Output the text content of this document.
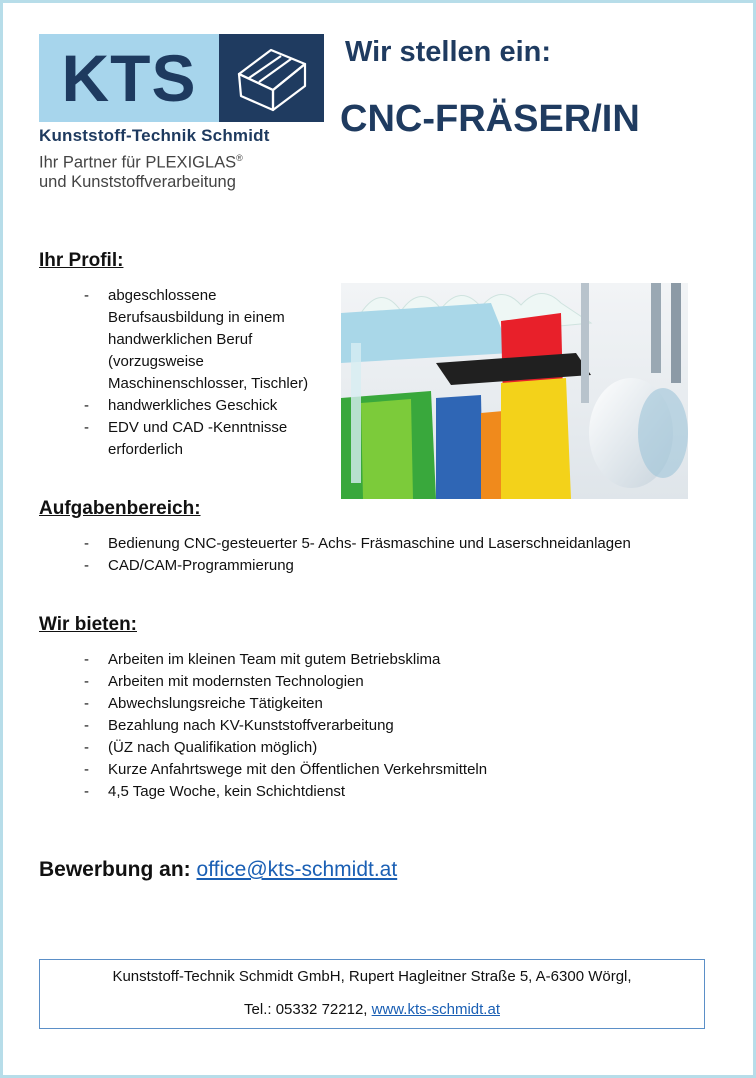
KTS
Kunststoff-Technik Schmidt
Ihr Partner für PLEXIGLAS®
und Kunststoffverarbeitung
Wir stellen ein:
CNC-FRÄSER/IN
Ihr Profil:
- abgeschlossene Berufsausbildung in einem handwerklichen Beruf (vorzugsweise Maschinenschlosser, Tischler)
- handwerkliches Geschick
- EDV und CAD -Kenntnisse erforderlich
Aufgabenbereich:
- Bedienung CNC-gesteuerter 5- Achs- Fräsmaschine und Laserschneidanlagen
- CAD/CAM-Programmierung
Wir bieten:
- Arbeiten im kleinen Team mit gutem Betriebsklima
- Arbeiten mit modernsten Technologien
- Abwechslungsreiche Tätigkeiten
- Bezahlung nach KV-Kunststoffverarbeitung
- (ÜZ nach Qualifikation möglich)
- Kurze Anfahrtswege mit den Öffentlichen Verkehrsmitteln
- 4,5 Tage Woche, kein Schichtdienst
Bewerbung an: office@kts-schmidt.at
Kunststoff-Technik Schmidt GmbH, Rupert Hagleitner Straße 5, A-6300 Wörgl,
Tel.: 05332 72212, www.kts-schmidt.at
